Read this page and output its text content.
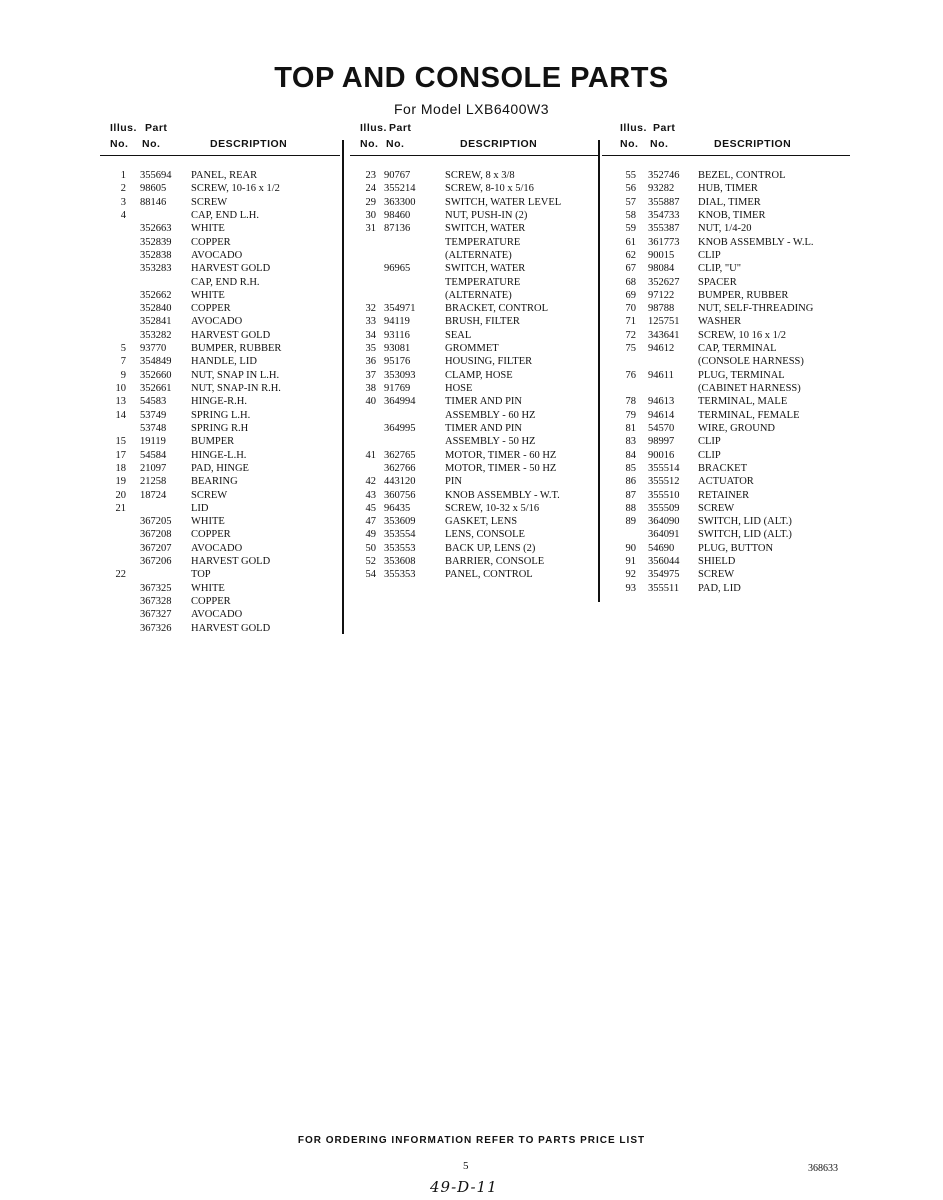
TOP AND CONSOLE PARTS
For Model LXB6400W3
Illus. Part
No. No.	DESCRIPTION
1 355694 PANEL, REAR
2 98605 SCREW, 10-16 x 1/2
3 88146 SCREW
4	CAP, END L.H.
352663 WHITE
352839 COPPER
352838 AVOCADO
353283 HARVEST GOLD
CAP, END R.H.
352662 WHITE
352840 COPPER
352841 AVOCADO
353282 HARVEST GOLD
5 93770 BUMPER, RUBBER
7 354849 HANDLE, LID
9 352660 NUT, SNAP IN L.H.
10 352661 NUT, SNAP-IN R.H.
13 54583 HINGE-R.H.
14 53749 SPRING L.H.
53748 SPRING R.H
15 19119 BUMPER
17 54584 HINGE-L.H.
18 21097 PAD, HINGE
19 21258 BEARING
20 18724 SCREW
21	LID
367205 WHITE
367208 COPPER
367207 AVOCADO
367206 HARVEST GOLD
22	TOP
367325 WHITE
367328 COPPER
367327 AVOCADO
367326 HARVEST GOLD
Illus. Part
No. No.	DESCRIPTION
23 90767	SCREW, 8 x 3/8
24 355214	SCREW, 8-10 x 5/16
29 363300	SWITCH, WATER LEVEL
30 98460	NUT, PUSH-IN (2)
31 87136	SWITCH, WATER
TEMPERATURE
(ALTERNATE)
96965	SWITCH, WATER
TEMPERATURE
(ALTERNATE)
32 354971	BRACKET, CONTROL
33 94119	BRUSH, FILTER
34 93116	SEAL
35 93081	GROMMET
36 95176	HOUSING, FILTER
37 353093	CLAMP, HOSE
38 91769	HOSE
40 364994	TIMER AND PIN
ASSEMBLY - 60 HZ
364995	TIMER AND PIN
ASSEMBLY - 50 HZ
41 362765	MOTOR, TIMER - 60 HZ
362766	MOTOR, TIMER - 50 HZ
42 443120	PIN
43 360756	KNOB ASSEMBLY - W.T.
45 96435	SCREW, 10-32 x 5/16
47 353609	GASKET, LENS
49 353554	LENS, CONSOLE
50 353553	BACK UP, LENS (2)
52 353608	BARRIER, CONSOLE
54 355353	PANEL, CONTROL
Illus. Part
No. No.	DESCRIPTION
55 352746 BEZEL, CONTROL
56 93282 HUB, TIMER
57 355887 DIAL, TIMER
58 354733 KNOB, TIMER
59 355387 NUT, 1/4-20
61 361773 KNOB ASSEMBLY - W.L.
62 90015 CLIP
67 98084 CLIP, "U"
68 352627 SPACER
69 97122 BUMPER, RUBBER
70 98788 NUT, SELF-THREADING
71 125751 WASHER
72 343641 SCREW, 10 16 x 1/2
75 94612 CAP, TERMINAL
(CONSOLE HARNESS)
76 94611 PLUG, TERMINAL
(CABINET HARNESS)
78 94613 TERMINAL, MALE
79 94614 TERMINAL, FEMALE
81 54570 WIRE, GROUND
83 98997 CLIP
84 90016 CLIP
85 355514 BRACKET
86 355512 ACTUATOR
87 355510 RETAINER
88 355509 SCREW
89 364090 SWITCH, LID (ALT.)
364091 SWITCH, LID (ALT.)
90 54690 PLUG, BUTTON
91 356044 SHIELD
92 354975 SCREW
93 355511 PAD, LID
FOR ORDERING INFORMATION REFER TO PARTS PRICE LIST
5	368633
49-D-11
